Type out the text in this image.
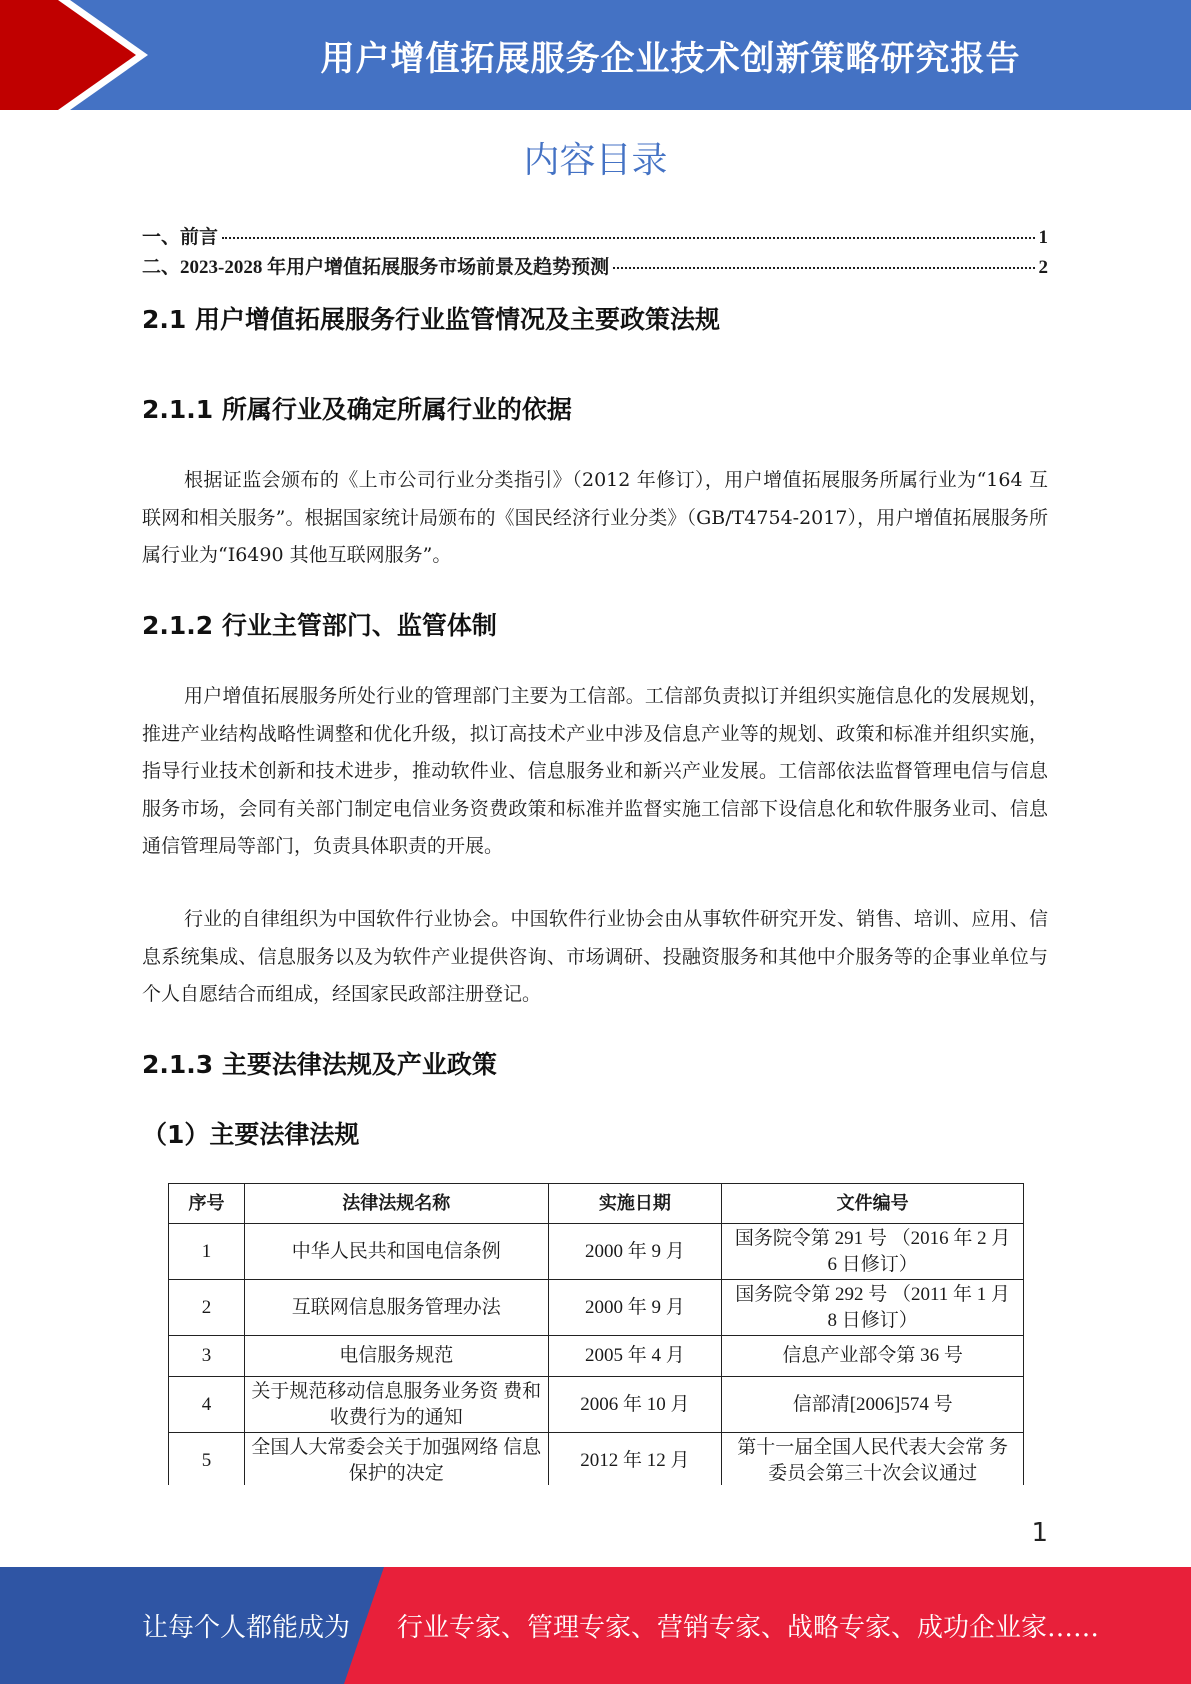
用户增值拓展服务企业技术创新策略研究报告
内容目录
一、前言	1
二、2023-2028 年用户增值拓展服务市场前景及趋势预测	2
2.1 用户增值拓展服务行业监管情况及主要政策法规
2.1.1 所属行业及确定所属行业的依据

根据证监会颁布的《上市公司行业分类指引》（2012 年修订），用户增值拓展服务所属行业为“164 互联网和相关服务”。根据国家统计局颁布的《国民经济行业分类》（GB/T4754-2017），用户增值拓展服务所属行业为“I6490 其他互联网服务”。

2.1.2 行业主管部门、监管体制

用户增值拓展服务所处行业的管理部门主要为工信部。工信部负责拟订并组织实施信息化的发展规划，推进产业结构战略性调整和优化升级，拟订高技术产业中涉及信息产业等的规划、政策和标准并组织实施，指导行业技术创新和技术进步，推动软件业、信息服务业和新兴产业发展。工信部依法监督管理电信与信息服务市场，会同有关部门制定电信业务资费政策和标准并监督实施工信部下设信息化和软件服务业司、信息通信管理局等部门，负责具体职责的开展。

行业的自律组织为中国软件行业协会。中国软件行业协会由从事软件研究开发、销售、培训、应用、信息系统集成、信息服务以及为软件产业提供咨询、市场调研、投融资服务和其他中介服务等的企事业单位与个人自愿结合而组成，经国家民政部注册登记。

2.1.3 主要法律法规及产业政策
（1）主要法律法规
序号	法律法规名称	实施日期	文件编号
1	中华人民共和国电信条例	2000 年 9 月	国务院令第 291 号 （2016 年 2 月 6 日修订）
2	互联网信息服务管理办法	2000 年 9 月	国务院令第 292 号 （2011 年 1 月 8 日修订）
3	电信服务规范	2005 年 4 月	信息产业部令第 36 号
4	关于规范移动信息服务业务资 费和收费行为的通知	2006 年 10 月	信部清[2006]574 号
5	全国人大常委会关于加强网络 信息保护的决定	2012 年 12 月	第十一届全国人民代表大会常 务委员会第三十次会议通过
1
让每个人都能成为 行业专家、管理专家、营销专家、战略专家、成功企业家……
